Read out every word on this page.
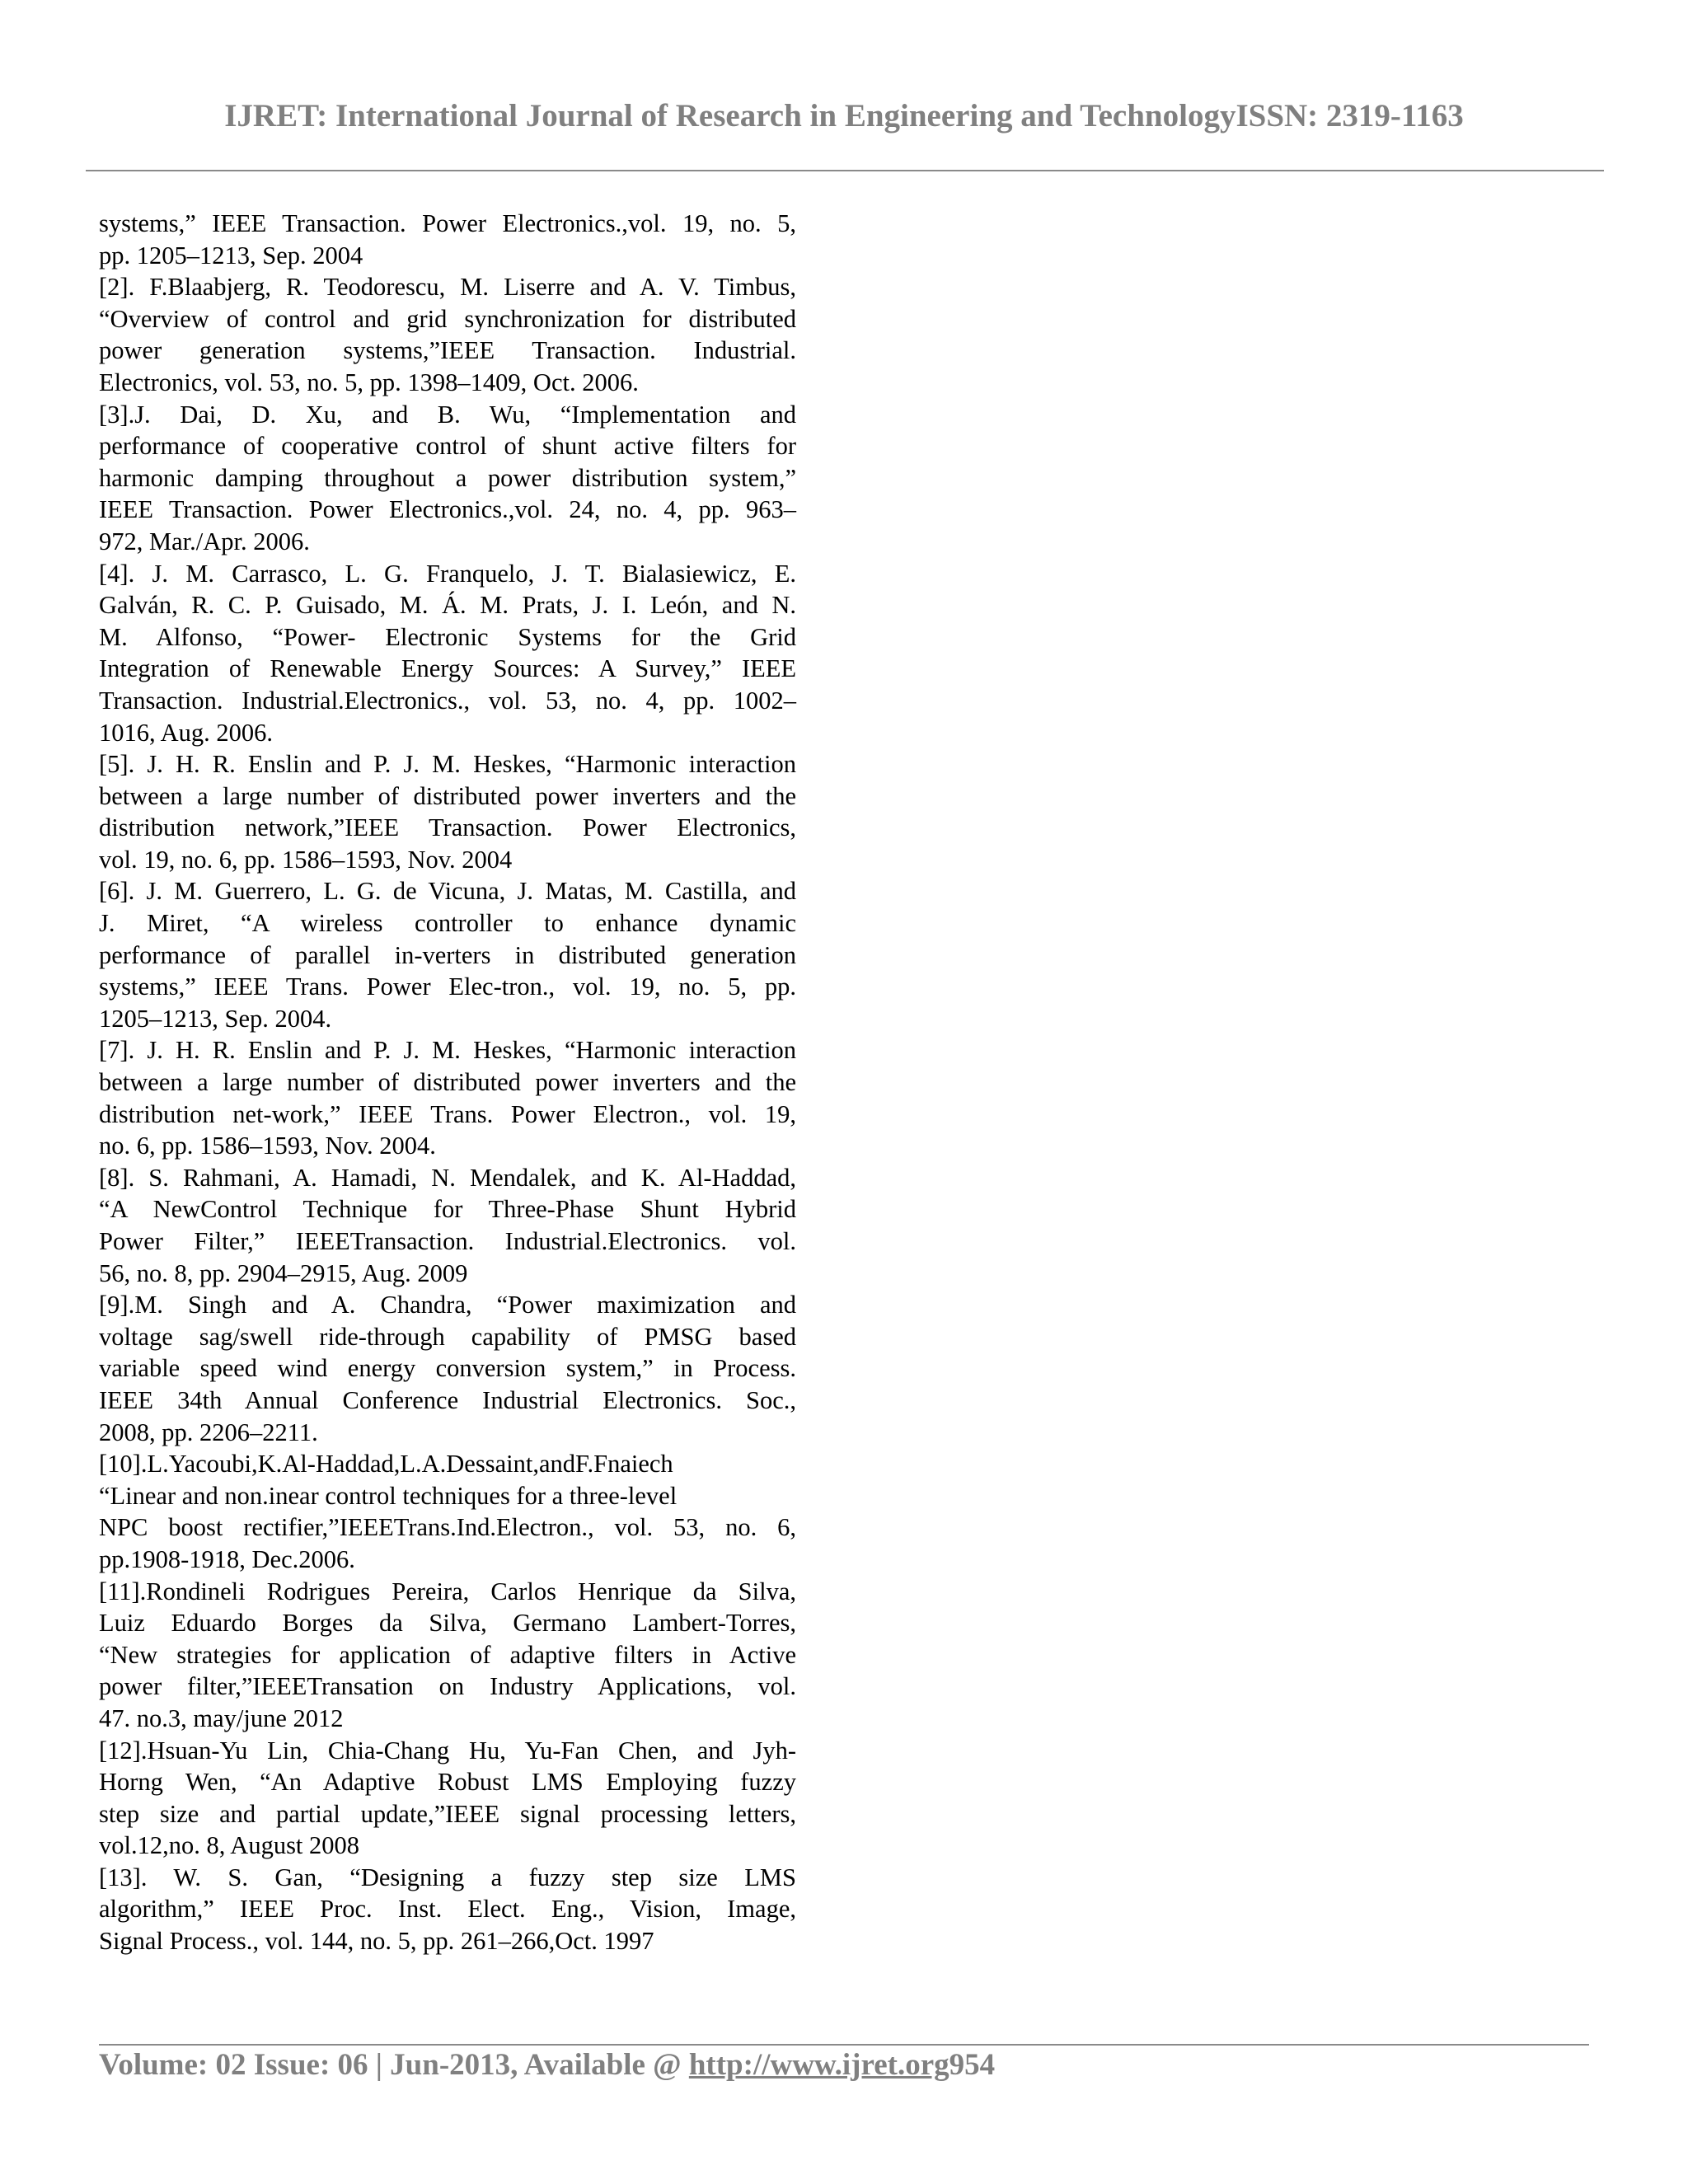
IJRET: International Journal of Research in Engineering and TechnologyISSN: 2319-1163
systems,” IEEE Transaction. Power Electronics.,vol. 19, no. 5,
pp. 1205–1213, Sep. 2004
[2]. F.Blaabjerg, R. Teodorescu, M. Liserre and A. V. Timbus,
“Overview of control and grid synchronization for distributed
power generation systems,”IEEE Transaction. Industrial.
Electronics, vol. 53, no. 5, pp. 1398–1409, Oct. 2006.
[3].J. Dai, D. Xu, and B. Wu, “Implementation and
performance of cooperative control of shunt active filters for
harmonic damping throughout a power distribution system,”
IEEE Transaction. Power Electronics.,vol. 24, no. 4, pp. 963–
972, Mar./Apr. 2006.
[4]. J. M. Carrasco, L. G. Franquelo, J. T. Bialasiewicz, E.
Galván, R. C. P. Guisado, M. Á. M. Prats, J. I. León, and N.
M. Alfonso, “Power- Electronic Systems for the Grid
Integration of Renewable Energy Sources: A Survey,” IEEE
Transaction. Industrial.Electronics., vol. 53, no. 4, pp. 1002–
1016, Aug. 2006.
[5]. J. H. R. Enslin and P. J. M. Heskes, “Harmonic interaction
between a large number of distributed power inverters and the
distribution network,”IEEE Transaction. Power Electronics,
vol. 19, no. 6, pp. 1586–1593, Nov. 2004
[6]. J. M. Guerrero, L. G. de Vicuna, J. Matas, M. Castilla, and
J. Miret, “A wireless controller to enhance dynamic
performance of parallel in-verters in distributed generation
systems,” IEEE Trans. Power Elec-tron., vol. 19, no. 5, pp.
1205–1213, Sep. 2004.
[7]. J. H. R. Enslin and P. J. M. Heskes, “Harmonic interaction
between a large number of distributed power inverters and the
distribution net-work,” IEEE Trans. Power Electron., vol. 19,
no. 6, pp. 1586–1593, Nov. 2004.
[8]. S. Rahmani, A. Hamadi, N. Mendalek, and K. Al-Haddad,
“A NewControl Technique for Three-Phase Shunt Hybrid
Power Filter,” IEEETransaction. Industrial.Electronics. vol.
56, no. 8, pp. 2904–2915, Aug. 2009
[9].M. Singh and A. Chandra, “Power maximization and
voltage sag/swell ride-through capability of PMSG based
variable speed wind energy conversion system,” in Process.
IEEE 34th Annual Conference Industrial Electronics. Soc.,
2008, pp. 2206–2211.
[10].L.Yacoubi,K.Al-Haddad,L.A.Dessaint,andF.Fnaiech
“Linear and non.inear control techniques for a three-level
NPC boost rectifier,”IEEETrans.Ind.Electron., vol. 53, no. 6,
pp.1908-1918, Dec.2006.
[11].Rondineli Rodrigues Pereira, Carlos Henrique da Silva,
Luiz Eduardo Borges da Silva, Germano Lambert-Torres,
“New strategies for application of adaptive filters in Active
power filter,”IEEETransation on Industry Applications, vol.
47. no.3, may/june 2012
[12].Hsuan-Yu Lin, Chia-Chang Hu, Yu-Fan Chen, and Jyh-
Horng Wen, “An Adaptive Robust LMS Employing fuzzy
step size and partial update,”IEEE signal processing letters,
vol.12,no. 8, August 2008
[13]. W. S. Gan, “Designing a fuzzy step size LMS
algorithm,” IEEE Proc. Inst. Elect. Eng., Vision, Image,
Signal Process., vol. 144, no. 5, pp. 261–266,Oct. 1997
Volume: 02 Issue: 06 | Jun-2013, Available @ http://www.ijret.org954
